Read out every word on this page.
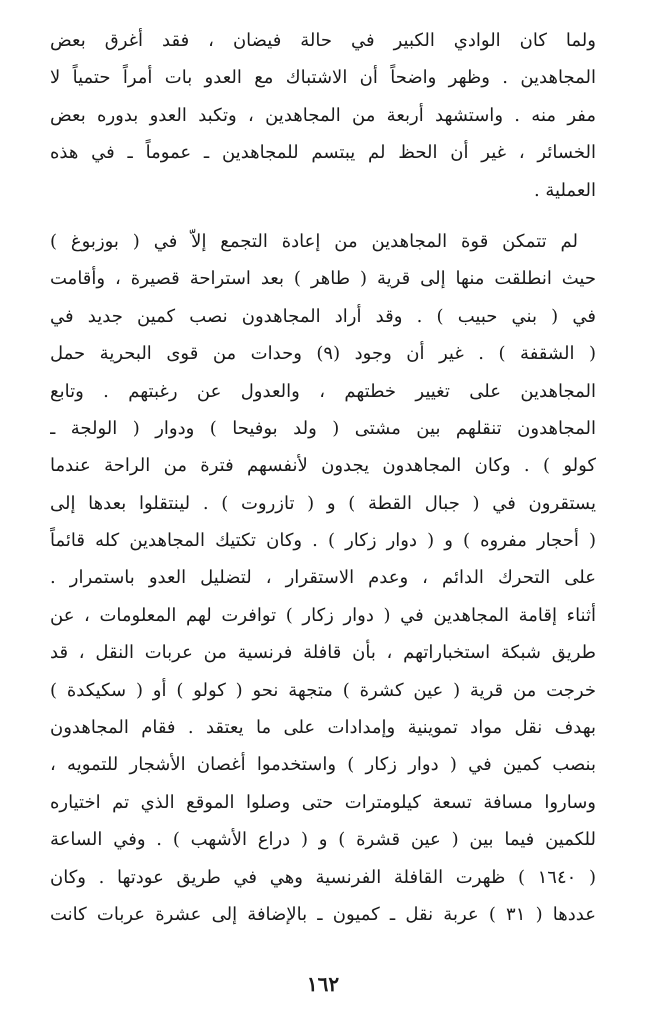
ولما كان الوادي الكبير في حالة فيضان ، فقد أغرق بعض
المجاهدين . وظهر واضحاً أن الاشتباك مع العدو بات أمراً حتمياً لا
مفر منه . واستشهد أربعة من المجاهدين ، وتكبد العدو بدوره بعض
الخسائر ، غير أن الحظ لم يبتسم للمجاهدين ـ عموماً ـ في هذه
العملية .
لم تتمكن قوة المجاهدين من إعادة التجمع إلاّ في ( بوزبوغ )
حيث انطلقت منها إلى قرية ( طاهر ) بعد استراحة قصيرة ، وأقامت
في ( بني حبيب ) . وقد أراد المجاهدون نصب كمين جديد في
( الشقفة ) . غير أن وجود (٩) وحدات من قوى البحرية حمل
المجاهدين على تغيير خطتهم ، والعدول عن رغبتهم . وتابع
المجاهدون تنقلهم بين مشتى ( ولد بوفيحا ) ودوار ( الولجة ـ
كولو ) . وكان المجاهدون يجدون لأنفسهم فترة من الراحة عندما
يستقرون في ( جبال القطة ) و ( تازروت ) . لينتقلوا بعدها إلى
( أحجار مفروه ) و ( دوار زكار ) . وكان تكتيك المجاهدين كله قائماً
على التحرك الدائم ، وعدم الاستقرار ، لتضليل العدو باستمرار .
أثناء إقامة المجاهدين في ( دوار زكار ) توافرت لهم المعلومات ، عن
طريق شبكة استخباراتهم ، بأن قافلة فرنسية من عربات النقل ، قد
خرجت من قرية ( عين كشرة ) متجهة نحو ( كولو ) أو ( سكيكدة )
بهدف نقل مواد تموينية وإمدادات على ما يعتقد . فقام المجاهدون
بنصب كمين في ( دوار زكار ) واستخدموا أغصان الأشجار للتمويه ،
وساروا مسافة تسعة كيلومترات حتى وصلوا الموقع الذي تم اختياره
للكمين فيما بين ( عين قشرة ) و ( دراع الأشهب ) . وفي الساعة
( ١٦٤٠ ) ظهرت القافلة الفرنسية وهي في طريق عودتها . وكان
عددها ( ٣١ ) عربة نقل ـ كميون ـ بالإضافة إلى عشرة عربات كانت
١٦٢
